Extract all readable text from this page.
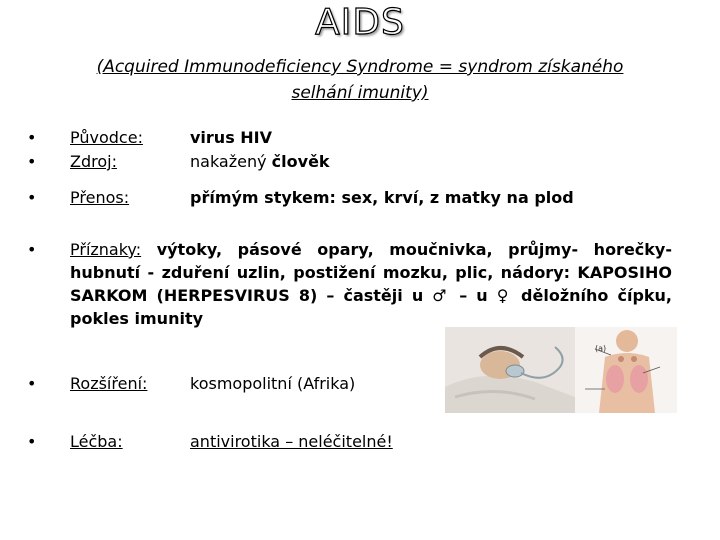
AIDS
(Acquired Immunodeficiency Syndrome = syndrom získaného selhání imunity)
• Původce:	virus HIV
• Zdroj:	nakažený člověk
• Přenos:	přímým stykem: sex, krví, z matky na plod
• Příznaky: výtoky, pásové opary, moučnivka, průjmy- horečky- hubnutí - zduření uzlin, postižení mozku, plic, nádory: KAPOSIHO SARKOM (HERPESVIRUS 8) – častěji u ♂ – u ♀ děložního čípku, pokles imunity
(a)
• Rozšíření:	kosmopolitní (Afrika)
• Léčba:	antivirotika – neléčitelné!
